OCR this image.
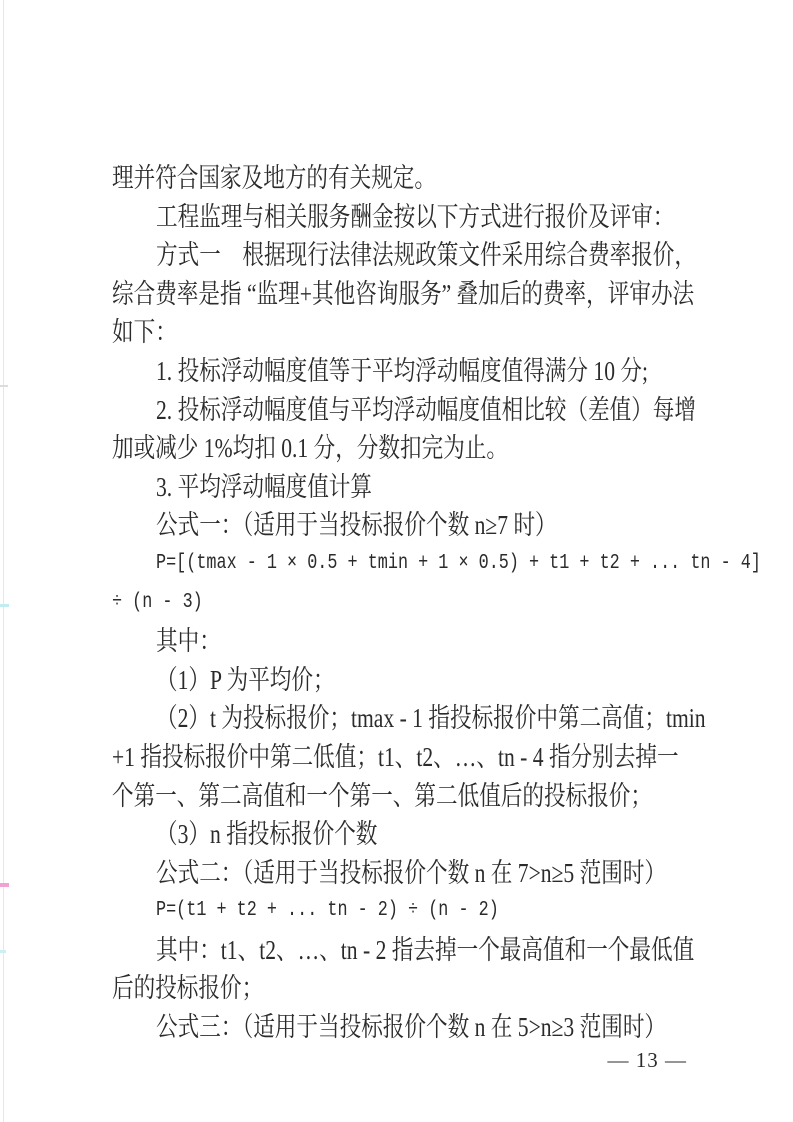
理并符合国家及地方的有关规定。
工程监理与相关服务酬金按以下方式进行报价及评审：
方式一　根据现行法律法规政策文件采用综合费率报价，
综合费率是指 “监理+其他咨询服务” 叠加后的费率，评审办法
如下：
1. 投标浮动幅度值等于平均浮动幅度值得满分 10 分;
2. 投标浮动幅度值与平均浮动幅度值相比较（差值）每增
加或减少 1%均扣 0.1 分，分数扣完为止。
3. 平均浮动幅度值计算
公式一：（适用于当投标报价个数 n≥7 时）
P=[(tmax - 1 × 0.5 + tmin + 1 × 0.5) + t1 + t2 + ... tn - 4]
÷ (n - 3)
其中：
（1）P 为平均价；
（2）t 为投标报价；tmax - 1 指投标报价中第二高值；tmin
+1 指投标报价中第二低值；t1、t2、…、tn - 4 指分别去掉一
个第一、第二高值和一个第一、第二低值后的投标报价；
（3）n 指投标报价个数
公式二：（适用于当投标报价个数 n 在 7>n≥5 范围时）
P=(t1 + t2 + ... tn - 2) ÷ (n - 2)
其中：t1、t2、…、tn - 2 指去掉一个最高值和一个最低值
后的投标报价；
公式三：（适用于当投标报价个数 n 在 5>n≥3 范围时）
— 13 —
